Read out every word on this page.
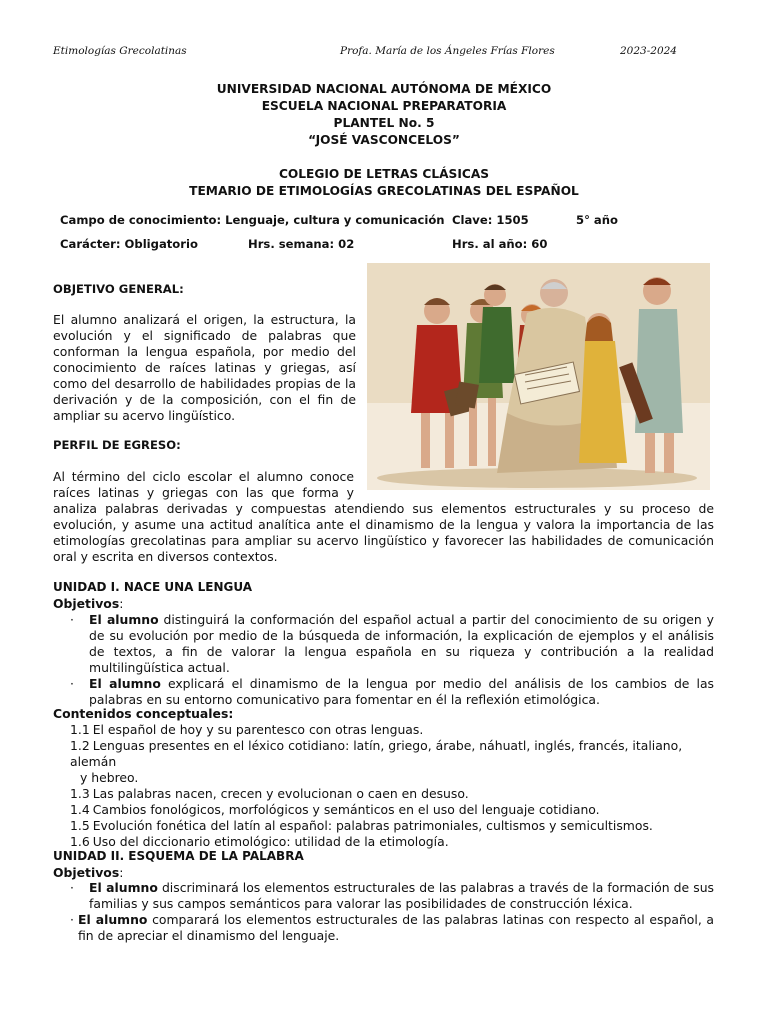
Etimologías Grecolatinas	Profa. María de los Ángeles Frías Flores	2023-2024
UNIVERSIDAD NACIONAL AUTÓNOMA DE MÉXICO
ESCUELA NACIONAL PREPARATORIA
PLANTEL No. 5
“JOSÉ VASCONCELOS”
COLEGIO DE LETRAS CLÁSICAS
TEMARIO DE ETIMOLOGÍAS GRECOLATINAS DEL ESPAÑOL
Campo de conocimiento: Lenguaje, cultura y comunicación Clave: 1505	5° año
Carácter: Obligatorio	Hrs. semana: 02	Hrs. al año: 60
OBJETIVO GENERAL:
El alumno analizará el origen, la estructura, la evolución y el significado de palabras que conforman la lengua española, por medio del conocimiento de raíces latinas y griegas, así como del desarrollo de habilidades propias de la derivación y de la composición, con el fin de ampliar su acervo lingüístico.
PERFIL DE EGRESO:
Al término del ciclo escolar el alumno conoce raíces latinas y griegas con las que forma y analiza palabras derivadas y compuestas atendiendo sus elementos estructurales y su proceso de evolución, y asume una actitud analítica ante el dinamismo de la lengua y valora la importancia de las etimologías grecolatinas para ampliar su acervo lingüístico y favorecer las habilidades de comunicación oral y escrita en diversos contextos.
UNIDAD I. NACE UNA LENGUA
Objetivos:

· El alumno distinguirá la conformación del español actual a partir del conocimiento de su origen y de su evolución por medio de la búsqueda de información, la explicación de ejemplos y el análisis de textos, a fin de valorar la lengua española en su riqueza y contribución a la realidad multilingüística actual.

· El alumno explicará el dinamismo de la lengua por medio del análisis de los cambios de las palabras en su entorno comunicativo para fomentar en él la reflexión etimológica.

Contenidos conceptuales:

1.1 El español de hoy y su parentesco con otras lenguas.

1.2 Lenguas presentes en el léxico cotidiano: latín, griego, árabe, náhuatl, inglés, francés, italiano, alemán
y hebreo.

1.3 Las palabras nacen, crecen y evolucionan o caen en desuso.

1.4 Cambios fonológicos, morfológicos y semánticos en el uso del lenguaje cotidiano.

1.5 Evolución fonética del latín al español: palabras patrimoniales, cultismos y semicultismos.

1.6 Uso del diccionario etimológico: utilidad de la etimología.

UNIDAD II. ESQUEMA DE LA PALABRA
Objetivos:

· El alumno discriminará los elementos estructurales de las palabras a través de la formación de sus familias y sus campos semánticos para valorar las posibilidades de construcción léxica.

· El alumno comparará los elementos estructurales de las palabras latinas con respecto al español, a fin de apreciar el dinamismo del lenguaje.
